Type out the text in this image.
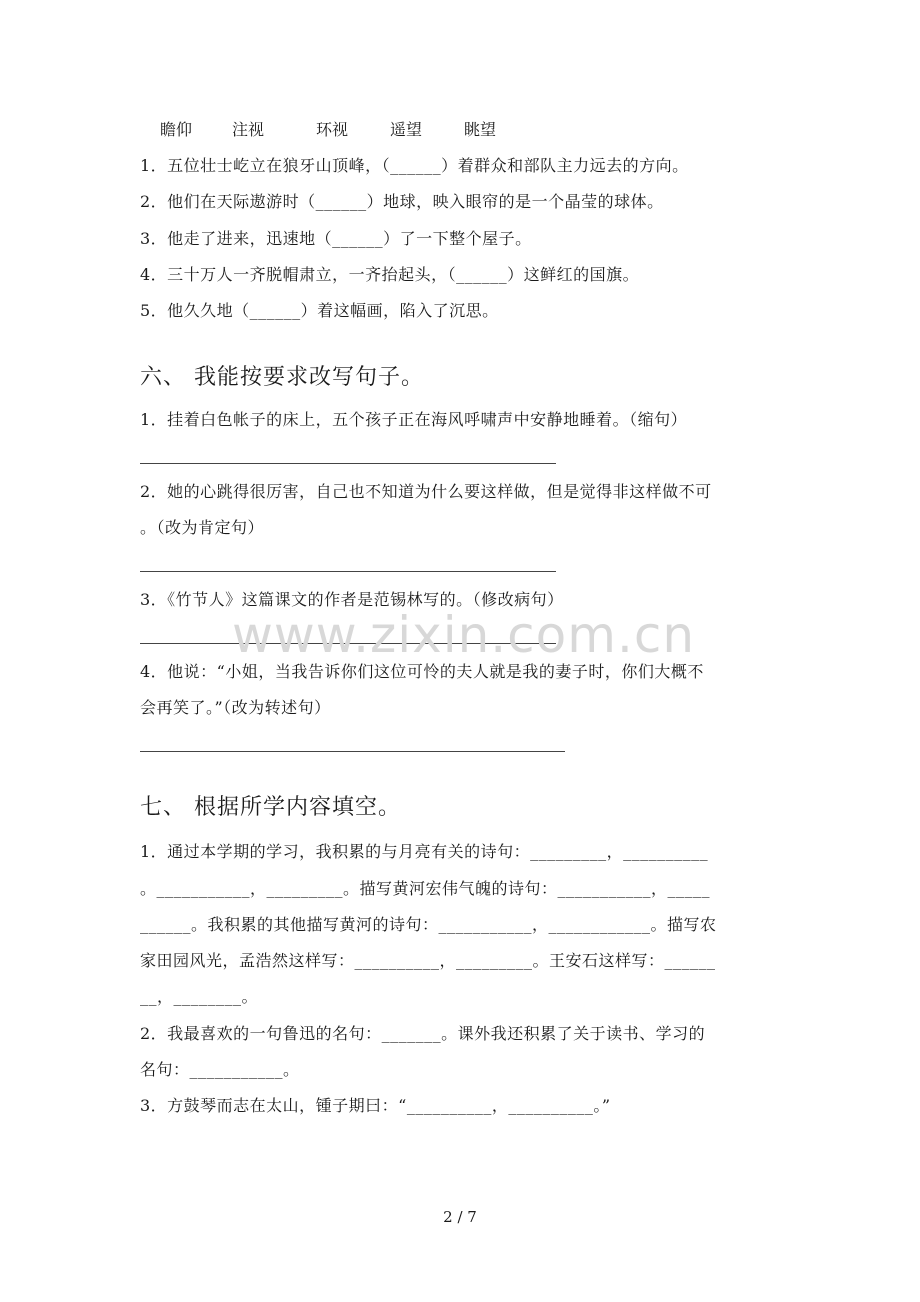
瞻仰 注视	环视	遥望	眺望
1．五位壮士屹立在狼牙山顶峰，（______）着群众和部队主力远去的方向。
2．他们在天际遨游时（______）地球，映入眼帘的是一个晶莹的球体。
3．他走了进来，迅速地（______）了一下整个屋子。
4．三十万人一齐脱帽肃立，一齐抬起头，（______）这鲜红的国旗。
5．他久久地（______）着这幅画，陷入了沉思。
六、 我能按要求改写句子。
1．挂着白色帐子的床上，五个孩子正在海风呼啸声中安静地睡着。（缩句）
2．她的心跳得很厉害，自己也不知道为什么要这样做，但是觉得非这样做不可
。（改为肯定句）
3．《竹节人》这篇课文的作者是范锡林写的。（修改病句）
4．他说：“小姐，当我告诉你们这位可怜的夫人就是我的妻子时，你们大概不
会再笑了。”（改为转述句）
七、 根据所学内容填空。
1．通过本学期的学习，我积累的与月亮有关的诗句：_________，__________
。___________，_________。描写黄河宏伟气魄的诗句：___________，_____
______。我积累的其他描写黄河的诗句：___________，____________。描写农
家田园风光，孟浩然这样写：__________，_________。王安石这样写：______
__，________。
2．我最喜欢的一句鲁迅的名句：_______。课外我还积累了关于读书、学习的
名句：___________。
3．方鼓琴而志在太山，锺子期曰：“__________，__________。”
www.zixin.com.cn
2 / 7
